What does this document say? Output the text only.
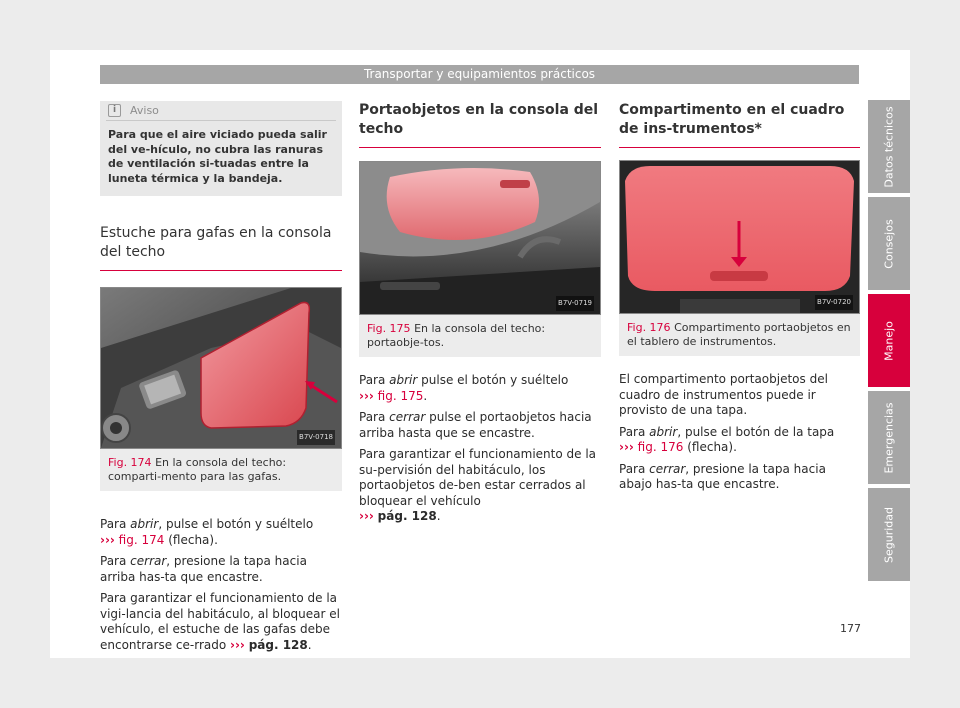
Transportar y equipamientos prácticos
i	Aviso
Para que el aire viciado pueda salir del ve-hículo, no cubra las ranuras de ventilación si-tuadas entre la luneta térmica y la bandeja.
Estuche para gafas en la consola del techo
B7V-0718
Fig. 174 En la consola del techo: comparti-mento para las gafas.

Para abrir, pulse el botón y suéltelo
››› fig. 174 (flecha).

Para cerrar, presione la tapa hacia arriba has-ta que encastre.

Para garantizar el funcionamiento de la vigi-lancia del habitáculo, al bloquear el vehículo, el estuche de las gafas debe encontrarse ce-rrado ››› pág. 128.

Portaobjetos en la consola del techo
B7V-0719
Fig. 175 En la consola del techo: portaobje-tos.

Para abrir pulse el botón y suéltelo
››› fig. 175.

Para cerrar pulse el portaobjetos hacia arriba hasta que se encastre.

Para garantizar el funcionamiento de la su-pervisión del habitáculo, los portaobjetos de-ben estar cerrados al bloquear el vehículo
››› pág. 128.

Compartimento en el cuadro de ins-trumentos*
B7V-0720
Fig. 176 Compartimento portaobjetos en el tablero de instrumentos.

El compartimento portaobjetos del cuadro de instrumentos puede ir provisto de una tapa.

Para abrir, pulse el botón de la tapa
››› fig. 176 (flecha).

Para cerrar, presione la tapa hacia abajo has-ta que encastre.

Datos técnicos
Consejos
Manejo
Emergencias
Seguridad
177
